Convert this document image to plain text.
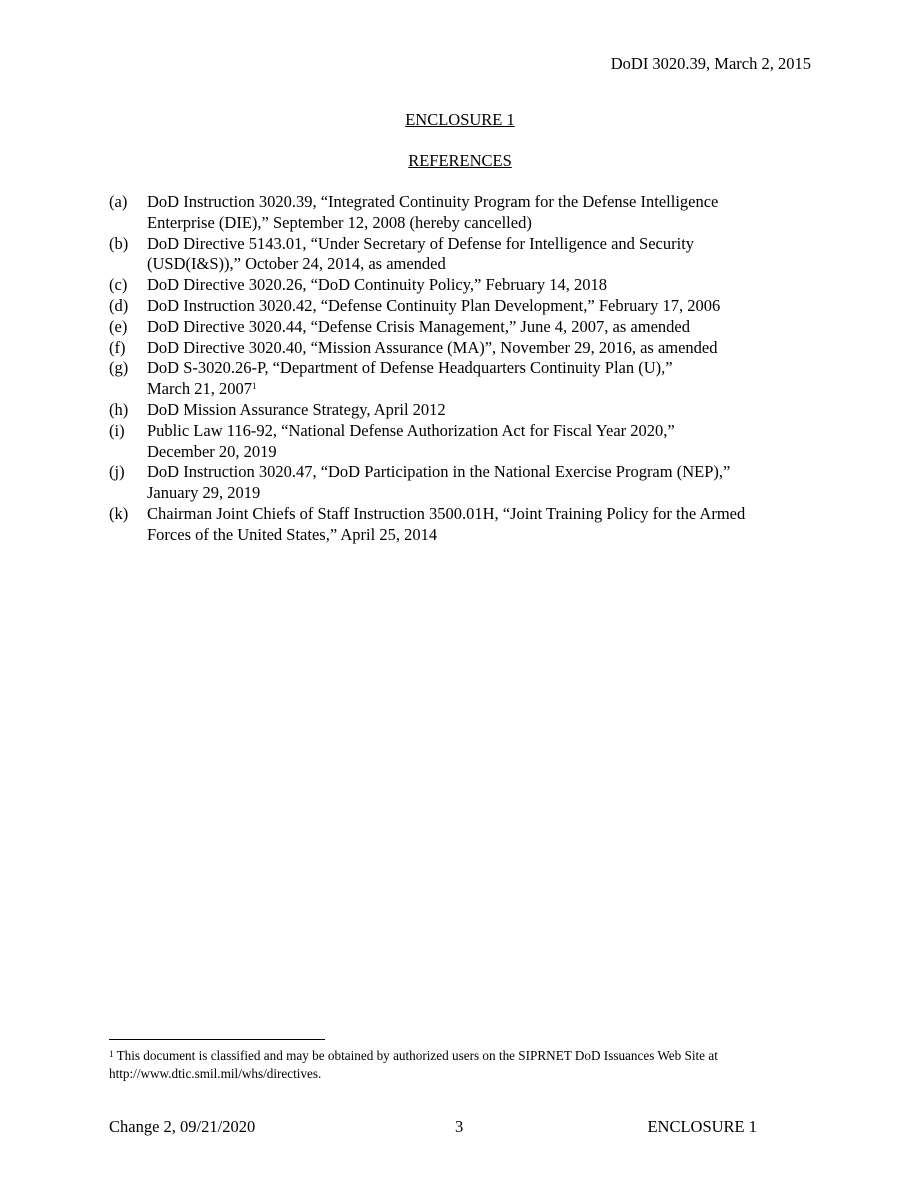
DoDI 3020.39, March 2, 2015
ENCLOSURE 1
REFERENCES
(a) DoD Instruction 3020.39, “Integrated Continuity Program for the Defense Intelligence
Enterprise (DIE),” September 12, 2008 (hereby cancelled)
(b) DoD Directive 5143.01, “Under Secretary of Defense for Intelligence and Security
(USD(I&S)),” October 24, 2014, as amended
(c) DoD Directive 3020.26, “DoD Continuity Policy,” February 14, 2018
(d) DoD Instruction 3020.42, “Defense Continuity Plan Development,” February 17, 2006
(e) DoD Directive 3020.44, “Defense Crisis Management,” June 4, 2007, as amended
(f) DoD Directive 3020.40, “Mission Assurance (MA)”, November 29, 2016, as amended
(g) DoD S-3020.26-P, “Department of Defense Headquarters Continuity Plan (U),”
March 21, 2007$^1$
(h) DoD Mission Assurance Strategy, April 2012
(i) Public Law 116-92, “National Defense Authorization Act for Fiscal Year 2020,”
December 20, 2019
(j) DoD Instruction 3020.47, “DoD Participation in the National Exercise Program (NEP),”
January 29, 2019
(k) Chairman Joint Chiefs of Staff Instruction 3500.01H, “Joint Training Policy for the Armed
Forces of the United States,” April 25, 2014
$^1$ This document is classified and may be obtained by authorized users on the SIPRNET DoD Issuances Web Site at http://www.dtic.smil.mil/whs/directives.
Change 2, 09/21/2020	3	ENCLOSURE 1
